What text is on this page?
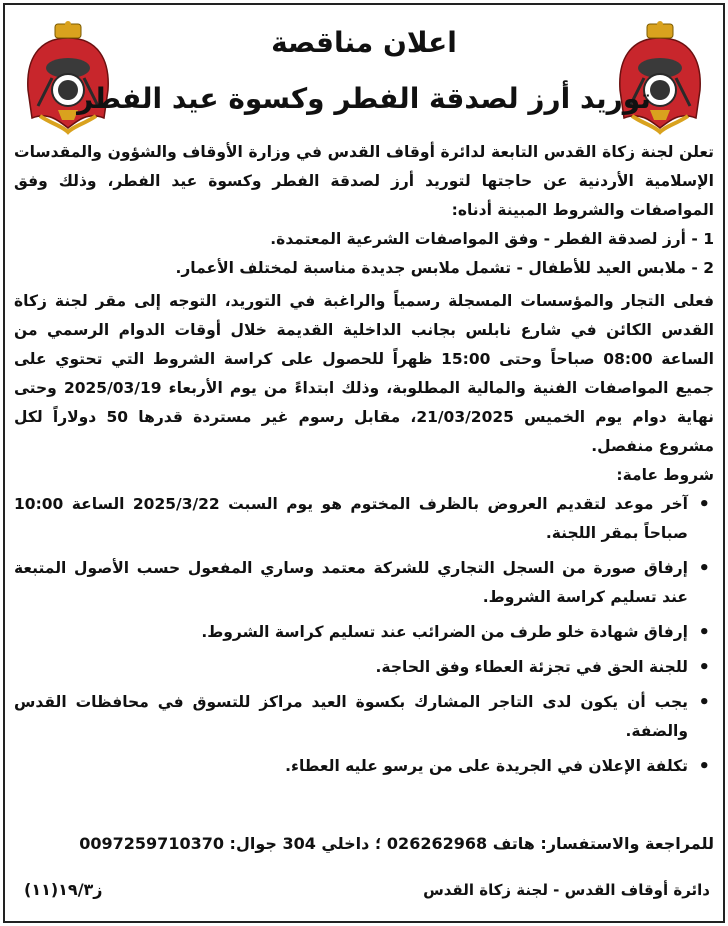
اعلان مناقصة
توريد أرز لصدقة الفطر وكسوة عيد الفطر

تعلن لجنة زكاة القدس التابعة لدائرة أوقاف القدس في وزارة الأوقاف والشؤون والمقدسات الإسلامية الأردنية عن حاجتها لتوريد أرز لصدقة الفطر وكسوة عيد الفطر، وذلك وفق المواصفات والشروط المبينة أدناه:

1 - أرز لصدقة الفطر - وفق المواصفات الشرعية المعتمدة.

2 - ملابس العيد للأطفال - تشمل ملابس جديدة مناسبة لمختلف الأعمار.

فعلى التجار والمؤسسات المسجلة رسمياً والراغبة في التوريد، التوجه إلى مقر لجنة زكاة القدس الكائن في شارع نابلس بجانب الداخلية القديمة خلال أوقات الدوام الرسمي من الساعة 08:00 صباحاً وحتى 15:00 ظهراً للحصول على كراسة الشروط التي تحتوي على جميع المواصفات الفنية والمالية المطلوبة، وذلك ابتداءً من يوم الأربعاء 2025/03/19 وحتى نهاية دوام يوم الخميس 21/03/2025، مقابل رسوم غير مستردة قدرها 50 دولاراً لكل مشروع منفصل.

شروط عامة:

• آخر موعد لتقديم العروض بالظرف المختوم هو يوم السبت 2025/3/22 الساعة 10:00 صباحاً بمقر اللجنة.
• إرفاق صورة من السجل التجاري للشركة معتمد وساري المفعول حسب الأصول المتبعة عند تسليم كراسة الشروط.
• إرفاق شهادة خلو طرف من الضرائب عند تسليم كراسة الشروط.
• للجنة الحق في تجزئة العطاء وفق الحاجة.
• يجب أن يكون لدى التاجر المشارك بكسوة العيد مراكز للتسوق في محافظات القدس والضفة.
• تكلفة الإعلان في الجريدة على من يرسو عليه العطاء.
للمراجعة والاستفسار: هاتف 026262968 ؛ داخلي 304 جوال: 0097259710370
دائرة أوقاف القدس - لجنة زكاة القدس
ز١٩/٣(١١)
